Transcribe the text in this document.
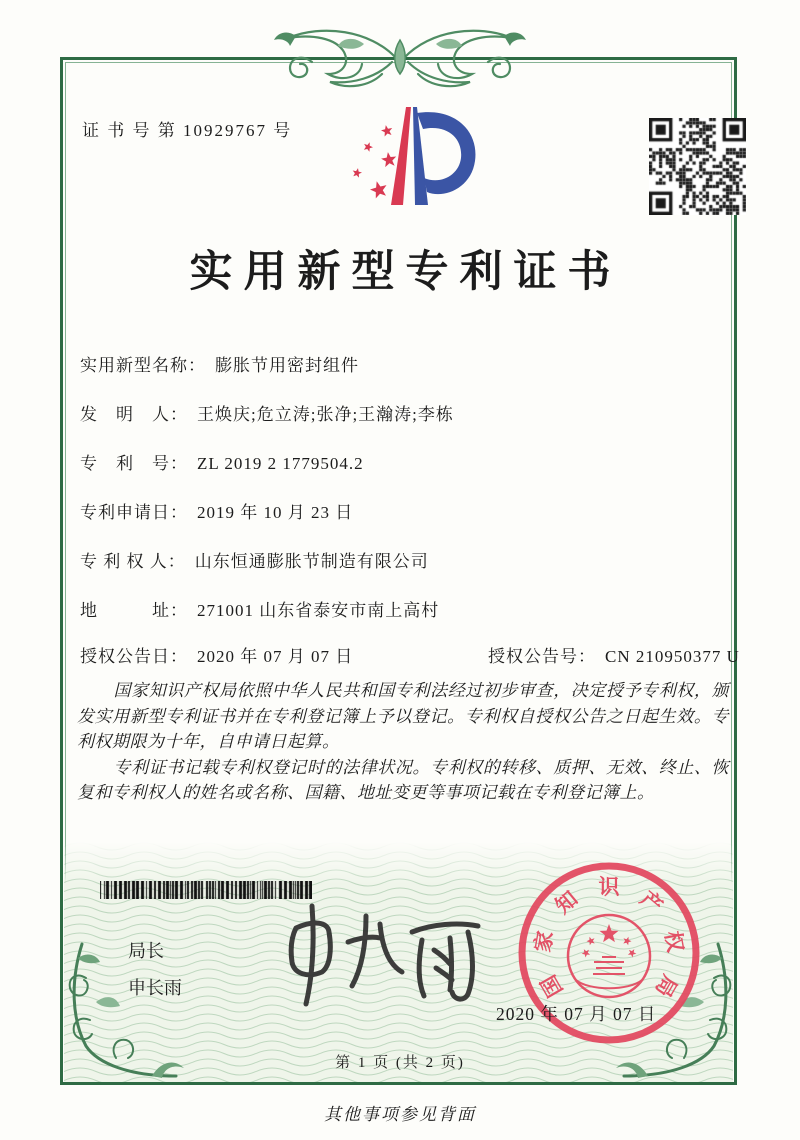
证 书 号 第 10929767 号
实用新型专利证书
实用新型名称： 膨胀节用密封组件
发　明　人： 王焕庆;危立涛;张净;王瀚涛;李栋
专　利　号： ZL 2019 2 1779504.2
专利申请日： 2019 年 10 月 23 日
专 利 权 人： 山东恒通膨胀节制造有限公司
地　　　址： 271001 山东省泰安市南上高村
授权公告日： 2020 年 07 月 07 日	授权公告号： CN 210950377 U

国家知识产权局依照中华人民共和国专利法经过初步审查，决定授予专利权，颁发实用新型专利证书并在专利登记簿上予以登记。专利权自授权公告之日起生效。专利权期限为十年，自申请日起算。

专利证书记载专利权登记时的法律状况。专利权的转移、质押、无效、终止、恢复和专利权人的姓名或名称、国籍、地址变更等事项记载在专利登记簿上。

局长
申长雨	国
家
知 识 产
权
局
2020 年 07 月 07 日
第 1 页 (共 2 页)
其他事项参见背面
